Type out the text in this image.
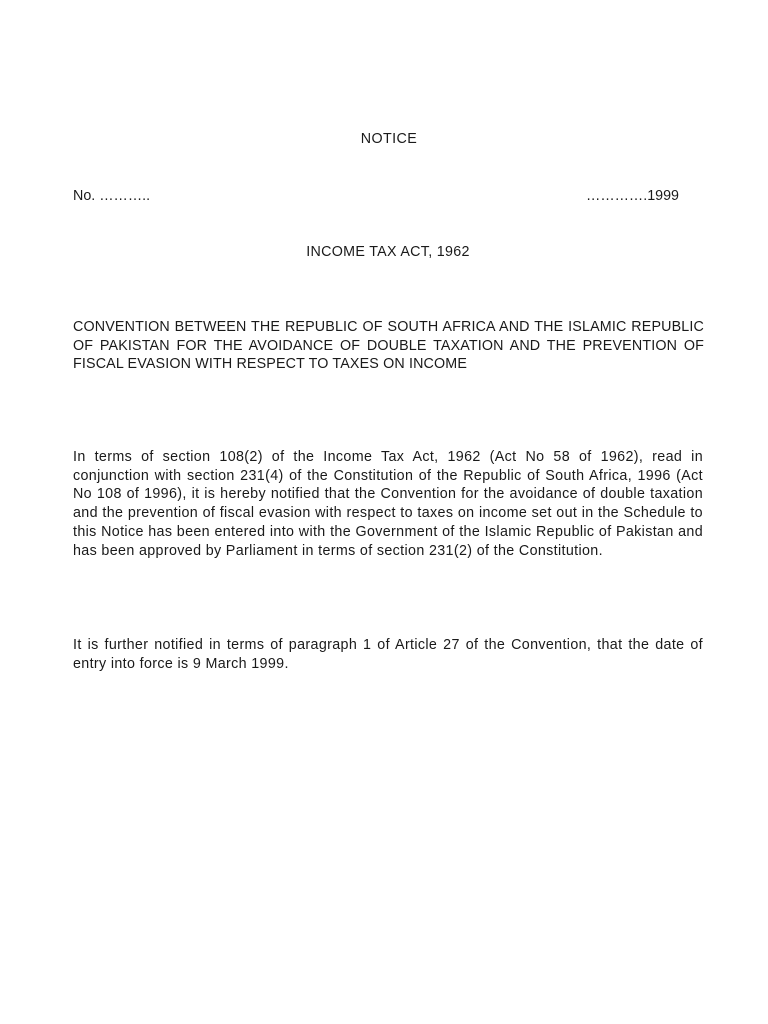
NOTICE

No. ………..	………….1999

INCOME TAX ACT, 1962

CONVENTION BETWEEN THE REPUBLIC OF SOUTH AFRICA AND THE ISLAMIC REPUBLIC OF PAKISTAN FOR THE AVOIDANCE OF DOUBLE TAXATION AND THE PREVENTION OF FISCAL EVASION WITH RESPECT TO TAXES ON INCOME

In terms of section 108(2) of the Income Tax Act, 1962 (Act No 58 of 1962), read in conjunction with section 231(4) of the Constitution of the Republic of South Africa, 1996 (Act No 108 of 1996), it is hereby notified that the Convention for the avoidance of double taxation and the prevention of fiscal evasion with respect to taxes on income set out in the Schedule to this Notice has been entered into with the Government of the Islamic Republic of Pakistan and has been approved by Parliament in terms of section 231(2) of the Constitution.

It is further notified in terms of paragraph 1 of Article 27 of the Convention, that the date of entry into force is 9 March 1999.
